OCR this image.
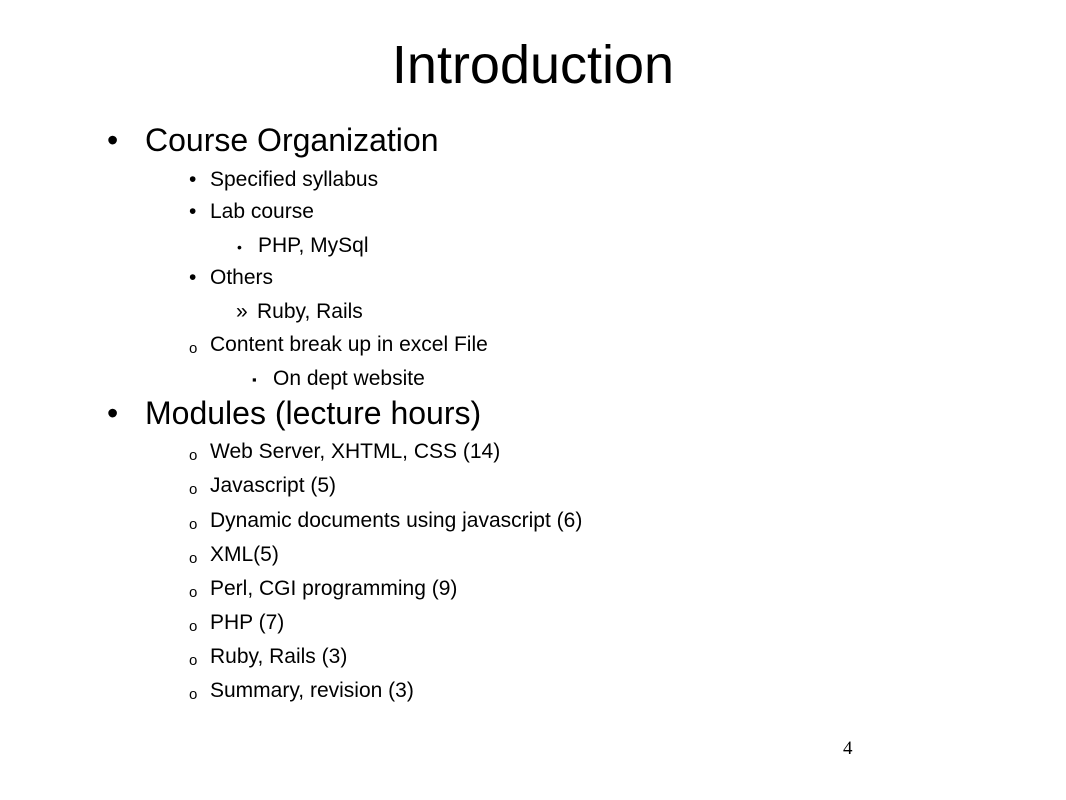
Introduction
• Course Organization
• Specified syllabus
• Lab course
• PHP, MySql
• Others
» Ruby, Rails
o Content break up in excel File
▪ On dept website
• Modules (lecture hours)
o Web Server, XHTML, CSS (14)
o Javascript (5)
o Dynamic documents using javascript (6)
o XML(5)
o Perl, CGI programming (9)
o PHP (7)
o Ruby, Rails (3)
o Summary, revision (3)
4
